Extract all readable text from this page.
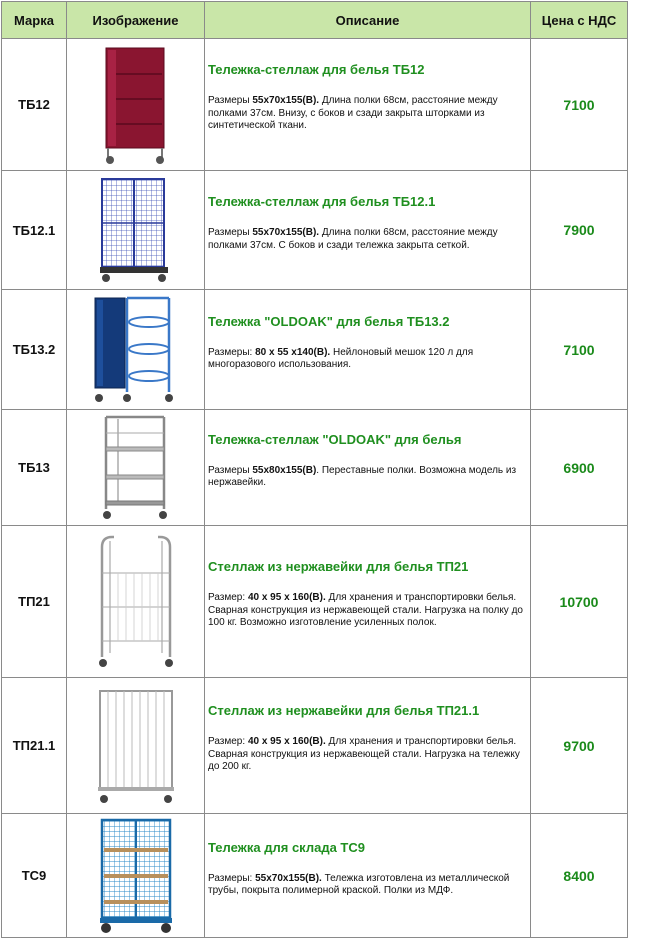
Марка	Изображение	Описание	Цена с НДС
ТБ12		Тележка-стеллаж для белья ТБ12
Размеры 55х70х155(В). Длина полки 68см, расстояние между полками 37см. Внизу, с боков и сзади закрыта шторками из синтетической ткани.	7100
ТБ12.1		Тележка-стеллаж для белья ТБ12.1
Размеры 55х70х155(В). Длина полки 68см, расстояние между полками 37см. С боков и сзади тележка закрыта сеткой.	7900
ТБ13.2		Тележка "OLDOAK" для белья ТБ13.2
Размеры: 80 х 55 х140(В). Нейлоновый мешок 120 л для многоразового использования.	7100
ТБ13		Тележка-стеллаж "OLDOAK" для белья
Размеры 55х80х155(В). Переставные полки. Возможна модель из нержавейки.	6900
ТП21		Стеллаж из нержавейки для белья ТП21
Размер: 40 х 95 х 160(В). Для хранения и транспортировки белья. Сварная конструкция из нержавеющей стали. Нагрузка на полку до 100 кг. Возможно изготовление усиленных полок.	10700
ТП21.1		Стеллаж из нержавейки для белья ТП21.1
Размер: 40 х 95 х 160(В). Для хранения и транспортировки белья. Сварная конструкция из нержавеющей стали. Нагрузка на тележку до 200 кг.	9700
ТС9		Тележка для склада ТС9
Размеры: 55х70х155(В). Тележка изготовлена из металлической трубы, покрыта полимерной краской. Полки из МДФ.	8400
